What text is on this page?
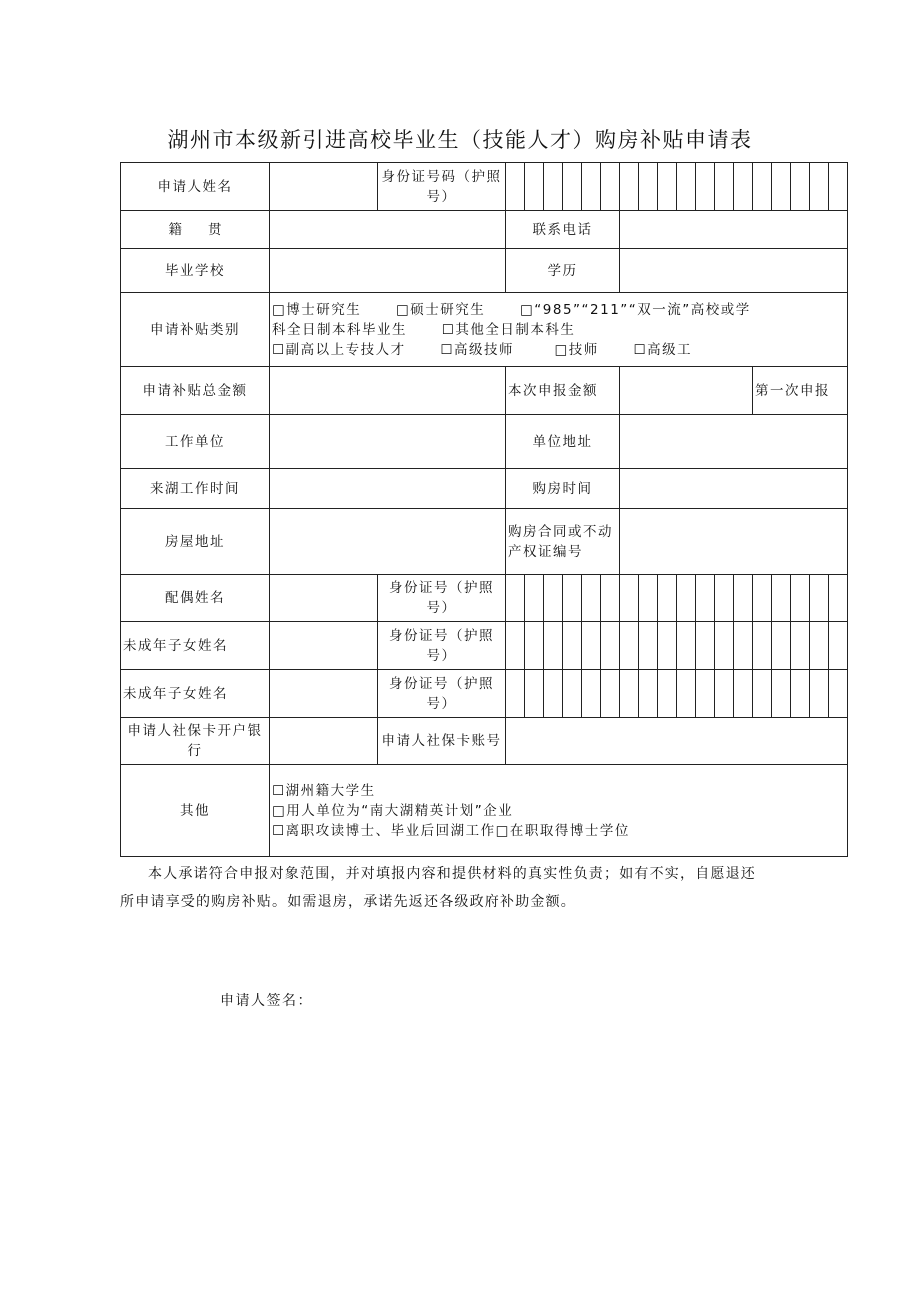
湖州市本级新引进高校毕业生（技能人才）购房补贴申请表
申请人姓名		身份证号码（护照号）																		
籍贯			联系电话																	
毕业学校			学历																	
申请补贴类别	□博士研究生 □硕士研究生 □“985”“211”“双一流”高校或学
科全日制本科毕业生 ☐其他全日制本科生
☐副高以上专技人才 ☐高级技师 □技师 ☐高级工																			

申请补贴总金额			本次申报金额													第一次申报				
工作单位			单位地址																	
来湖工作时间			购房时间																	
房屋地址			购房合同或不动产权证编号																	
配偶姓名		身份证号（护照号）																		
未成年子女姓名		身份证号（护照号）																		
未成年子女姓名		身份证号（护照号）																		
申请人社保卡开户银行		申请人社保卡账号																		
其他	☐湖州籍大学生
□用人单位为“南大湖精英计划”企业
☐离职攻读博士、毕业后回湖工作□在职取得博士学位																			

本人承诺符合申报对象范围，并对填报内容和提供材料的真实性负责；如有不实，自愿退还

所申请享受的购房补贴。如需退房，承诺先返还各级政府补助金额。
申请人签名：
